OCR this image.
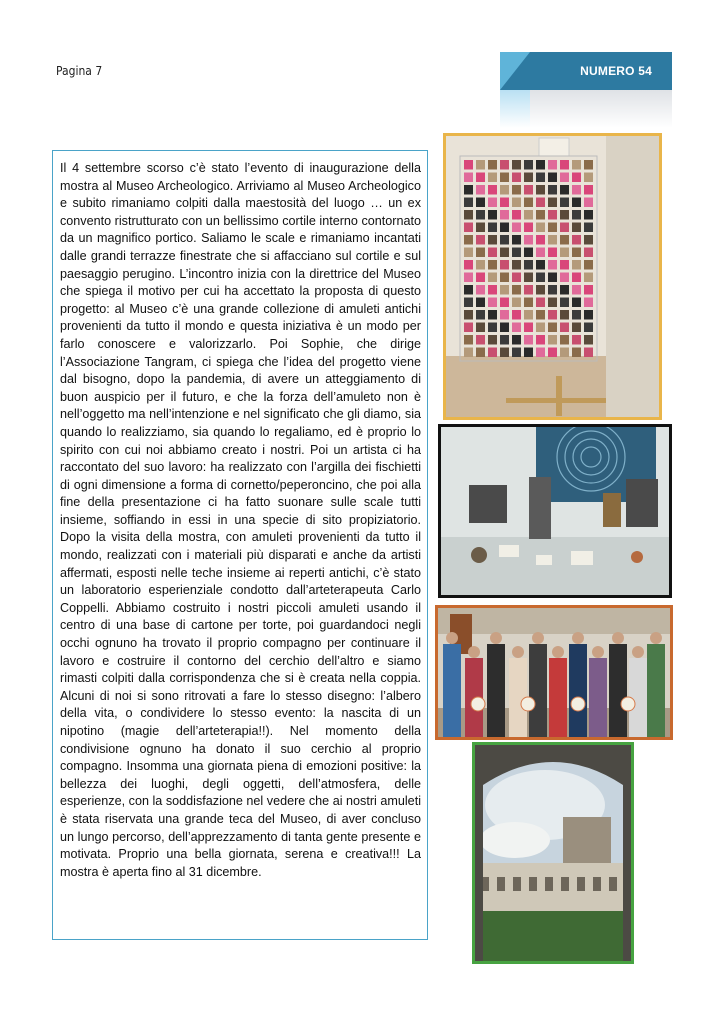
Pagina 7	NUMERO 54

Il 4 settembre scorso c’è stato l’evento di inaugurazione della mostra al Museo Archeologico. Arriviamo al Museo Archeologico e subito rimaniamo colpiti dalla maestosità del luogo … un ex convento ristrutturato con un bellissimo cortile interno contornato da un magnifico portico. Saliamo le scale e rimaniamo incantati dalle grandi terrazze finestrate che si affacciano sul cortile e sul paesaggio perugino. L’incontro inizia con la direttrice del Museo che spiega il motivo per cui ha accettato la proposta di questo progetto: al Museo c’è una grande collezione di amuleti antichi provenienti da tutto il mondo e questa iniziativa è un modo per farlo conoscere e valorizzarlo. Poi Sophie, che dirige l’Associazione Tangram, ci spiega che l’idea del progetto viene dal bisogno, dopo la pandemia, di avere un atteggiamento di buon auspicio per il futuro, e che la forza dell’amuleto non è nell’oggetto ma nell’intenzione e nel significato che gli diamo, sia quando lo realizziamo, sia quando lo regaliamo, ed è proprio lo spirito con cui noi abbiamo creato i nostri. Poi un artista ci ha raccontato del suo lavoro: ha realizzato con l’argilla dei fischietti di ogni dimensione a forma di cornetto/peperoncino, che poi alla fine della presentazione ci ha fatto suonare sulle scale tutti insieme, soffiando in essi in una specie di sito propiziatorio. Dopo la visita della mostra, con amuleti provenienti da tutto il mondo, realizzati con i materiali più disparati e anche da artisti affermati, esposti nelle teche insieme ai reperti antichi, c’è stato un laboratorio esperienziale condotto dall’arteterapeuta Carlo Coppelli. Abbiamo costruito i nostri piccoli amuleti usando il centro di una base di cartone per torte, poi guardandoci negli occhi ognuno ha trovato il proprio compagno per continuare il lavoro e costruire il contorno del cerchio dell’altro e siamo rimasti colpiti dalla corrispondenza che si è creata nella coppia. Alcuni di noi si sono ritrovati a fare lo stesso disegno: l’albero della vita, o condividere lo stesso evento: la nascita di un nipotino (magie dell’arteterapia!!). Nel momento della condivisione ognuno ha donato il suo cerchio al proprio compagno. Insomma una giornata piena di emozioni positive: la bellezza dei luoghi, degli oggetti, dell’atmosfera, delle esperienze, con la soddisfazione nel vedere che ai nostri amuleti è stata riservata una grande teca del Museo, di aver concluso un lungo percorso, dell’apprezzamento di tanta gente presente e motivata. Proprio una bella giornata, serena e creativa!!! La mostra è aperta fino al 31 dicembre.
